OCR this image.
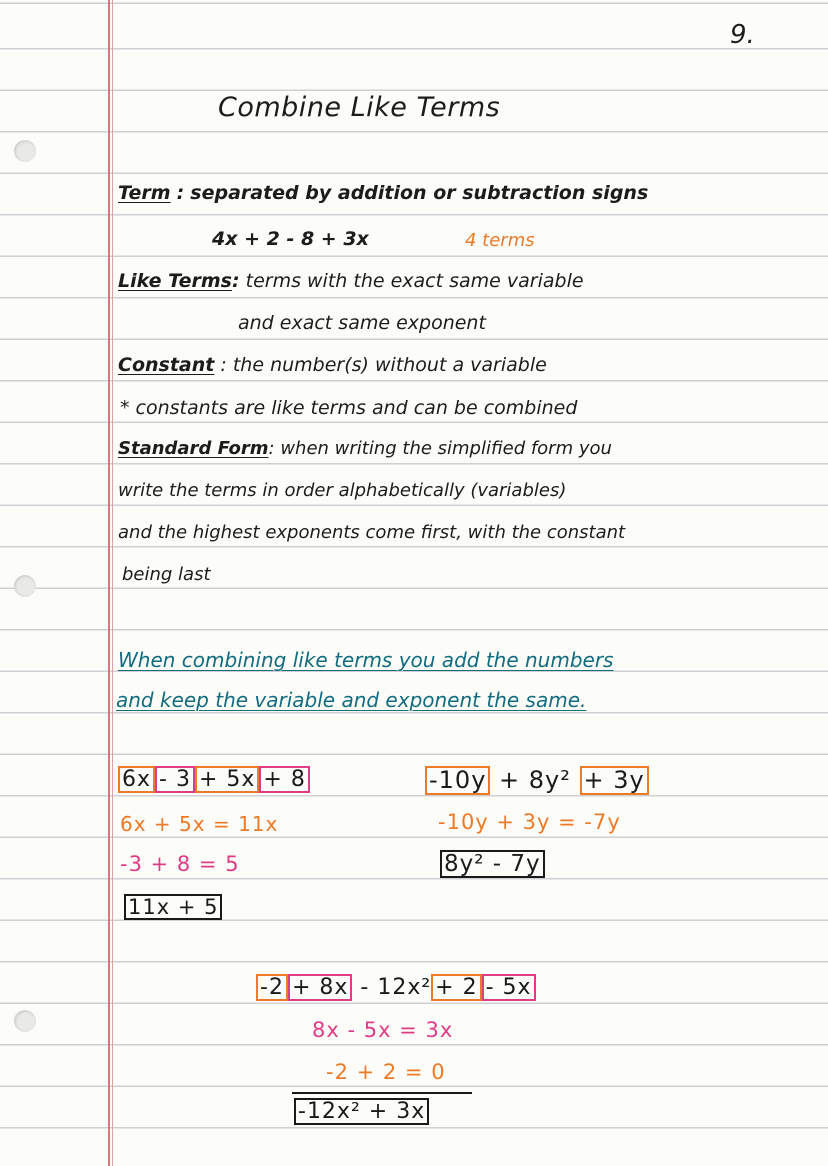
9.
Combine Like Terms
Term : separated by addition or subtraction signs
4x + 2 - 8 + 3x	4 terms
Like Terms: terms with the exact same variable
and exact same exponent
Constant : the number(s) without a variable
* constants are like terms and can be combined
Standard Form: when writing the simplified form you
write the terms in order alphabetically (variables)
and the highest exponents come first, with the constant
being last
When combining like terms you add the numbers
and keep the variable and exponent the same.
6x - 3 + 5x + 8
6x + 5x = 11x
-3 + 8 = 5
11x + 5
-10y + 8y² + 3y
-10y + 3y = -7y
8y² - 7y
-2 + 8x - 12x² + 2 - 5x
8x - 5x = 3x
-2 + 2 = 0
-12x² + 3x
